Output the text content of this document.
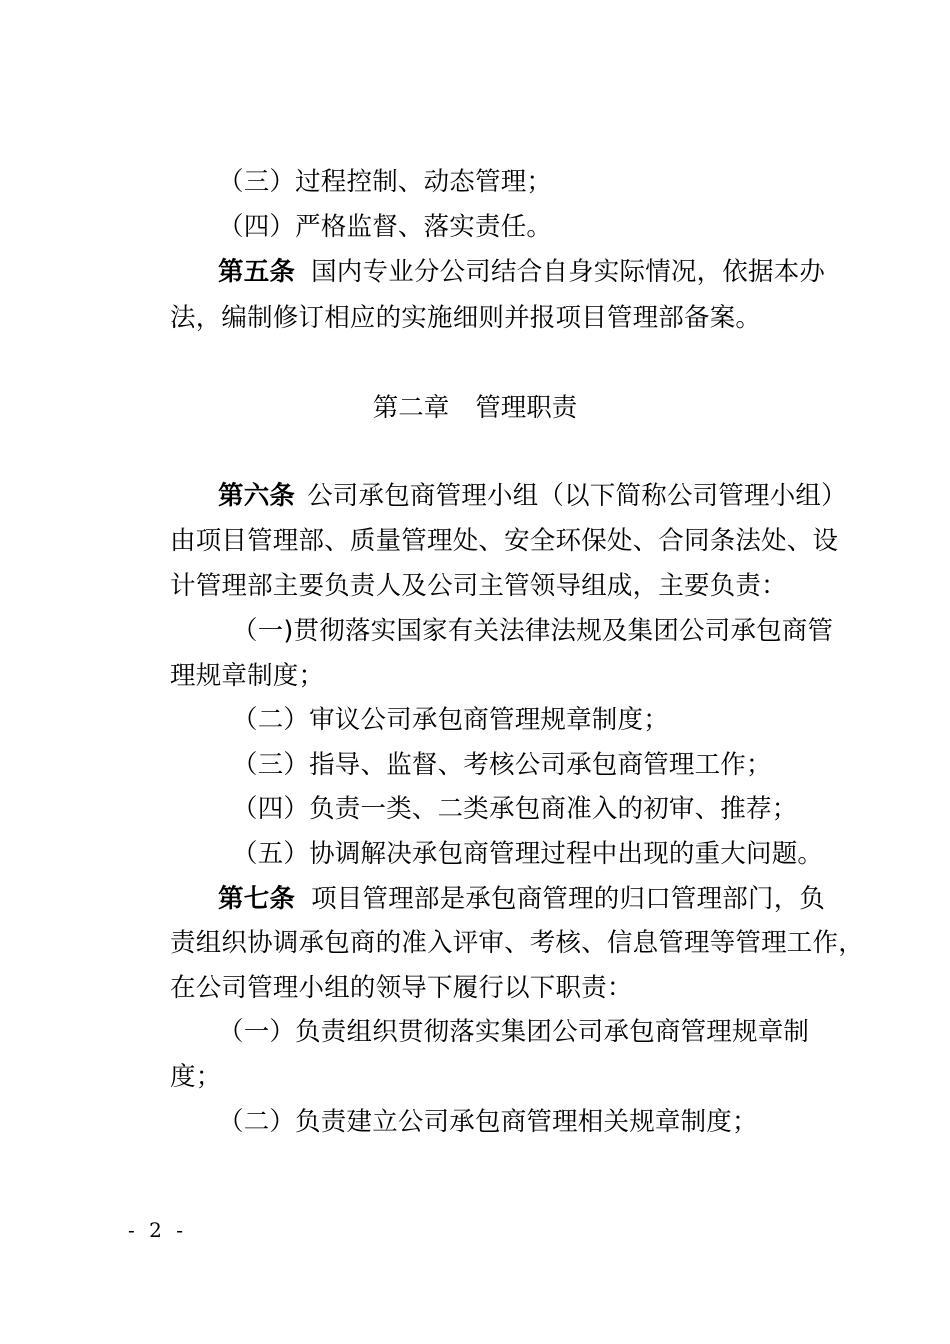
（三）过程控制、动态管理；
（四）严格监督、落实责任。
第五条 国内专业分公司结合自身实际情况，依据本办
法，编制修订相应的实施细则并报项目管理部备案。
第二章 管理职责
第六条 公司承包商管理小组（以下简称公司管理小组）
由项目管理部、质量管理处、安全环保处、合同条法处、设
计管理部主要负责人及公司主管领导组成，主要负责：
（一)贯彻落实国家有关法律法规及集团公司承包商管
理规章制度；
（二）审议公司承包商管理规章制度；
（三）指导、监督、考核公司承包商管理工作；
（四）负责一类、二类承包商准入的初审、推荐；
（五）协调解决承包商管理过程中出现的重大问题。
第七条 项目管理部是承包商管理的归口管理部门，负
责组织协调承包商的准入评审、考核、信息管理等管理工作，
在公司管理小组的领导下履行以下职责：
（一）负责组织贯彻落实集团公司承包商管理规章制
度；
（二）负责建立公司承包商管理相关规章制度；
- 2 -
